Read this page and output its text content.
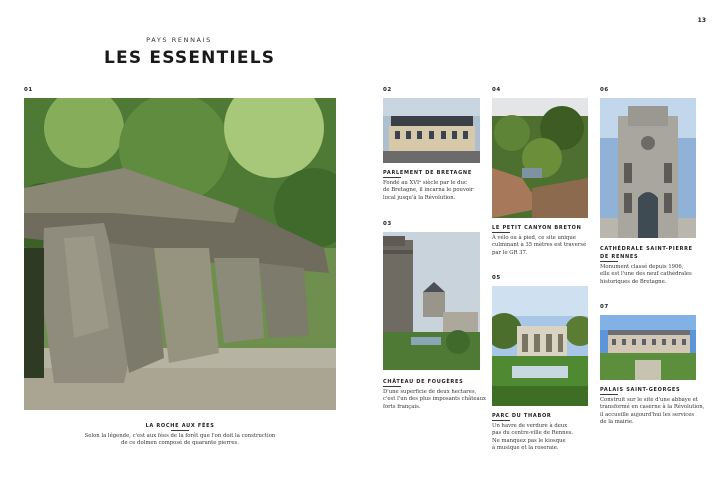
13
PAYS RENNAIS
LES ESSENTIELS
01
LA ROCHE AUX FÉES
Selon la légende, c'est aux fées de la forêt que l'on doit la construction
de ce dolmen composé de quarante pierres.
02
PARLEMENT DE BRETAGNE
Fondé au XVIᵉ siècle par le duc
de Bretagne, il incarna le pouvoir
local jusqu'à la Révolution.
03
CHÂTEAU DE FOUGÈRES
D'une superficie de deux hectares,
c'est l'un des plus imposants châteaux
forts français.
04
LE PETIT CANYON BRETON
À vélo ou à pied, ce site unique
culminant à 35 mètres est traversé
par le GR 37.
05
PARC DU THABOR
Un havre de verdure à deux
pas du centre-ville de Rennes.
Ne manquez pas le kiosque
à musique et la roseraie.
06
CATHÉDRALE SAINT-PIERRE
DE RENNES
Monument classé depuis 1906,
elle est l'une des neuf cathédrales
historiques de Bretagne.
07
PALAIS SAINT-GEORGES
Construit sur le site d'une abbaye et
transformé en caserne à la Révolution,
il accueille aujourd'hui les services
de la mairie.
